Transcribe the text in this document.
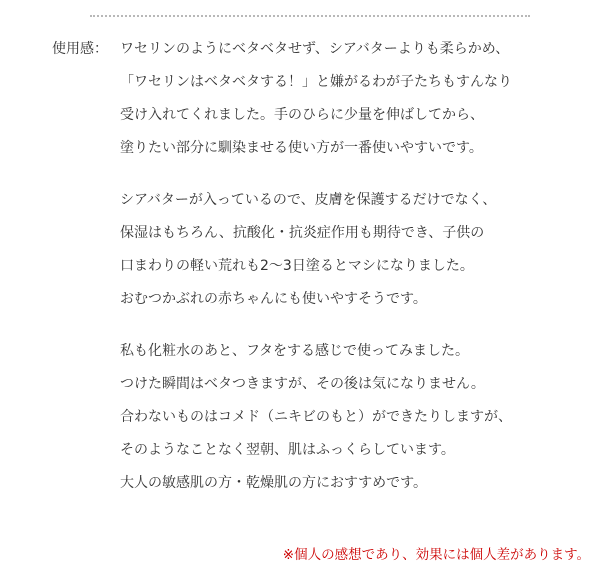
使用感： ワセリンのようにベタベタせず、シアバターよりも柔らかめ、
「ワセリンはベタベタする！」と嫌がるわが子たちもすんなり
受け入れてくれました。手のひらに少量を伸ばしてから、
塗りたい部分に馴染ませる使い方が一番使いやすいです。
シアバターが入っているので、皮膚を保護するだけでなく、
保湿はもちろん、抗酸化・抗炎症作用も期待でき、子供の
口まわりの軽い荒れも2〜3日塗るとマシになりました。
おむつかぶれの赤ちゃんにも使いやすそうです。
私も化粧水のあと、フタをする感じで使ってみました。
つけた瞬間はベタつきますが、その後は気になりません。
合わないものはコメド（ニキビのもと）ができたりしますが、
そのようなことなく翌朝、肌はふっくらしています。
大人の敏感肌の方・乾燥肌の方におすすめです。
※個人の感想であり、効果には個人差があります。
